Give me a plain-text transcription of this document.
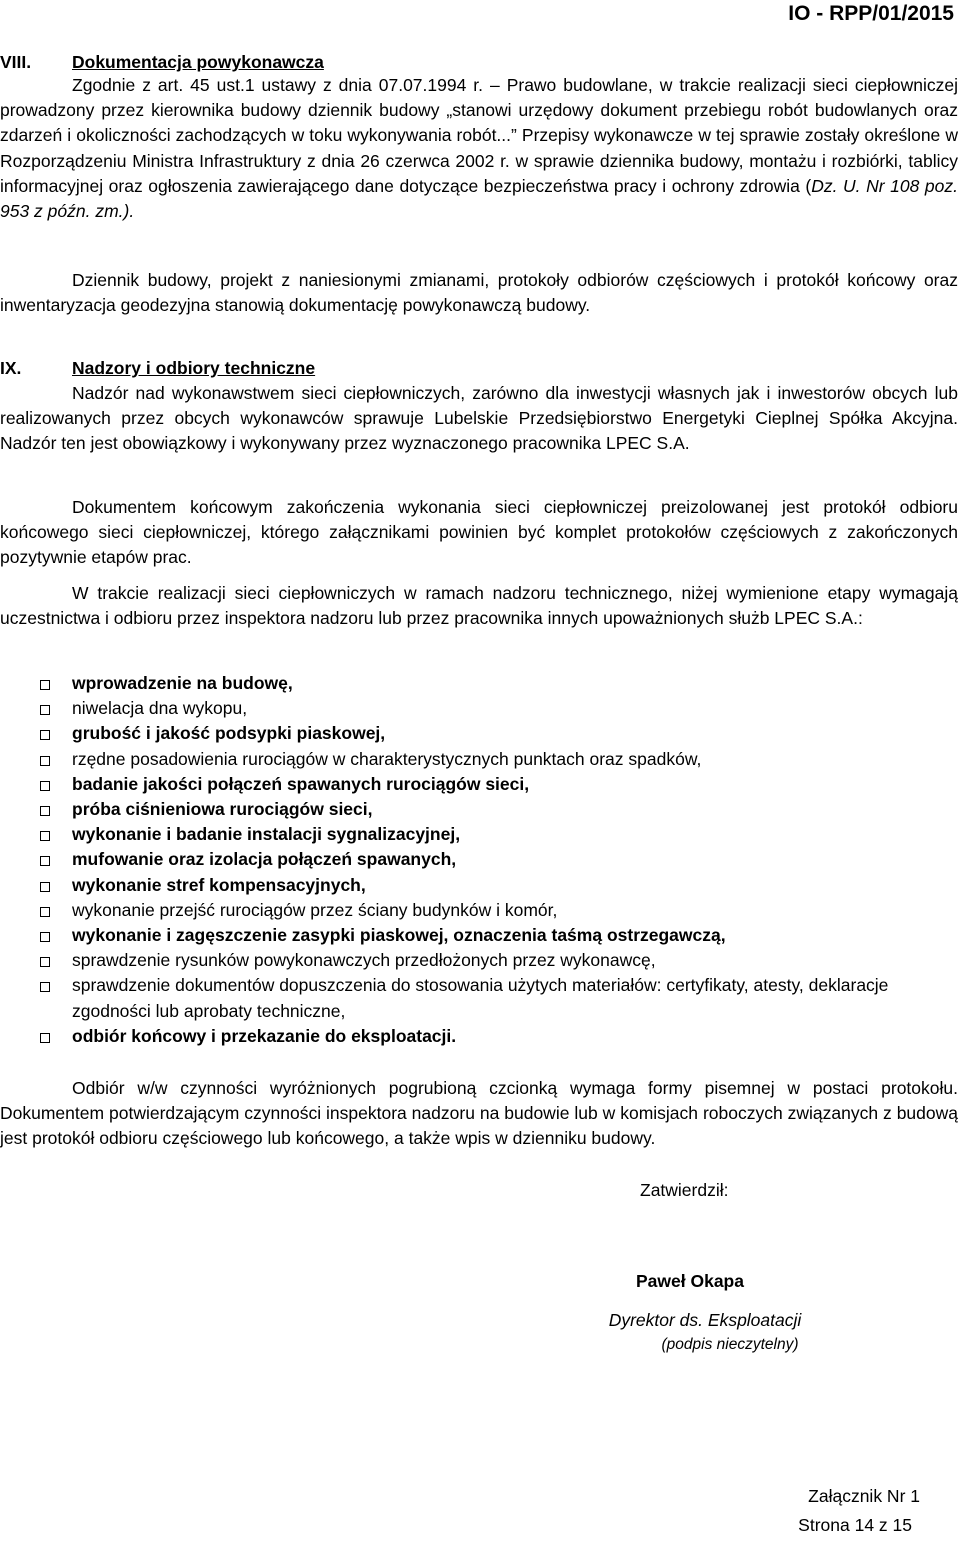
IO - RPP/01/2015
VIII. Dokumentacja powykonawcza
Zgodnie z art. 45 ust.1 ustawy z dnia 07.07.1994 r. – Prawo budowlane, w trakcie realizacji sieci ciepłowniczej prowadzony przez kierownika budowy dziennik budowy „stanowi urzędowy dokument przebiegu robót budowlanych oraz zdarzeń i okoliczności zachodzących w toku wykonywania robót...” Przepisy wykonawcze w tej sprawie zostały określone w Rozporządzeniu Ministra Infrastruktury z dnia 26 czerwca 2002 r. w sprawie dziennika budowy, montażu i rozbiórki, tablicy informacyjnej oraz ogłoszenia zawierającego dane dotyczące bezpieczeństwa pracy i ochrony zdrowia (Dz. U. Nr 108 poz. 953 z późn. zm.).
Dziennik budowy, projekt z naniesionymi zmianami, protokoły odbiorów częściowych i protokół końcowy oraz inwentaryzacja geodezyjna stanowią dokumentację powykonawczą budowy.
IX.	Nadzory i odbiory techniczne
Nadzór nad wykonawstwem sieci ciepłowniczych, zarówno dla inwestycji własnych jak i inwestorów obcych lub realizowanych przez obcych wykonawców sprawuje Lubelskie Przedsiębiorstwo Energetyki Cieplnej Spółka Akcyjna. Nadzór ten jest obowiązkowy i wykonywany przez wyznaczonego pracownika LPEC S.A.
Dokumentem końcowym zakończenia wykonania sieci ciepłowniczej preizolowanej jest protokół odbioru końcowego sieci ciepłowniczej, którego załącznikami powinien być komplet protokołów częściowych z zakończonych pozytywnie etapów prac.
W trakcie realizacji sieci ciepłowniczych w ramach nadzoru technicznego, niżej wymienione etapy wymagają uczestnictwa i odbioru przez inspektora nadzoru lub przez pracownika innych upoważnionych służb LPEC S.A.:
wprowadzenie na budowę,
niwelacja dna wykopu,
grubość i jakość podsypki piaskowej,
rzędne posadowienia rurociągów w charakterystycznych punktach oraz spadków,
badanie jakości połączeń spawanych rurociągów sieci,
próba ciśnieniowa rurociągów sieci,
wykonanie i badanie instalacji sygnalizacyjnej,
mufowanie oraz izolacja połączeń spawanych,
wykonanie stref kompensacyjnych,
wykonanie przejść rurociągów przez ściany budynków i komór,
wykonanie i zagęszczenie zasypki piaskowej, oznaczenia taśmą ostrzegawczą,
sprawdzenie rysunków powykonawczych przedłożonych przez wykonawcę,
sprawdzenie dokumentów dopuszczenia do stosowania użytych materiałów: certyfikaty, atesty, deklaracje zgodności lub aprobaty techniczne,
odbiór końcowy i przekazanie do eksploatacji.
Odbiór w/w czynności wyróżnionych pogrubioną czcionką wymaga formy pisemnej w postaci protokołu. Dokumentem potwierdzającym czynności inspektora nadzoru na budowie lub w komisjach roboczych związanych z budową jest protokół odbioru częściowego lub końcowego, a także wpis w dzienniku budowy.
Zatwierdził:
Paweł Okapa
Dyrektor ds. Eksploatacji
(podpis nieczytelny)
Załącznik Nr 1
Strona 14 z 15
